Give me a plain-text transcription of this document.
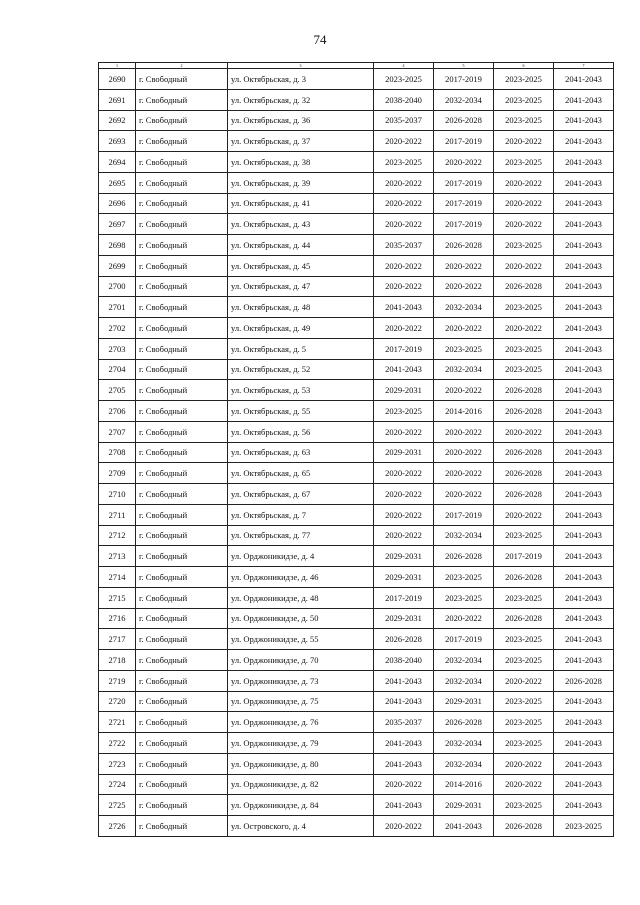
74
1	2	3	4	5	6	7
2690	г. Свободный	ул. Октябрьская, д. 3	2023-2025	2017-2019	2023-2025	2041-2043
2691	г. Свободный	ул. Октябрьская, д. 32	2038-2040	2032-2034	2023-2025	2041-2043
2692	г. Свободный	ул. Октябрьская, д. 36	2035-2037	2026-2028	2023-2025	2041-2043
2693	г. Свободный	ул. Октябрьская, д. 37	2020-2022	2017-2019	2020-2022	2041-2043
2694	г. Свободный	ул. Октябрьская, д. 38	2023-2025	2020-2022	2023-2025	2041-2043
2695	г. Свободный	ул. Октябрьская, д. 39	2020-2022	2017-2019	2020-2022	2041-2043
2696	г. Свободный	ул. Октябрьская, д. 41	2020-2022	2017-2019	2020-2022	2041-2043
2697	г. Свободный	ул. Октябрьская, д. 43	2020-2022	2017-2019	2020-2022	2041-2043
2698	г. Свободный	ул. Октябрьская, д. 44	2035-2037	2026-2028	2023-2025	2041-2043
2699	г. Свободный	ул. Октябрьская, д. 45	2020-2022	2020-2022	2020-2022	2041-2043
2700	г. Свободный	ул. Октябрьская, д. 47	2020-2022	2020-2022	2026-2028	2041-2043
2701	г. Свободный	ул. Октябрьская, д. 48	2041-2043	2032-2034	2023-2025	2041-2043
2702	г. Свободный	ул. Октябрьская, д. 49	2020-2022	2020-2022	2020-2022	2041-2043
2703	г. Свободный	ул. Октябрьская, д. 5	2017-2019	2023-2025	2023-2025	2041-2043
2704	г. Свободный	ул. Октябрьская, д. 52	2041-2043	2032-2034	2023-2025	2041-2043
2705	г. Свободный	ул. Октябрьская, д. 53	2029-2031	2020-2022	2026-2028	2041-2043
2706	г. Свободный	ул. Октябрьская, д. 55	2023-2025	2014-2016	2026-2028	2041-2043
2707	г. Свободный	ул. Октябрьская, д. 56	2020-2022	2020-2022	2020-2022	2041-2043
2708	г. Свободный	ул. Октябрьская, д. 63	2029-2031	2020-2022	2026-2028	2041-2043
2709	г. Свободный	ул. Октябрьская, д. 65	2020-2022	2020-2022	2026-2028	2041-2043
2710	г. Свободный	ул. Октябрьская, д. 67	2020-2022	2020-2022	2026-2028	2041-2043
2711	г. Свободный	ул. Октябрьская, д. 7	2020-2022	2017-2019	2020-2022	2041-2043
2712	г. Свободный	ул. Октябрьская, д. 77	2020-2022	2032-2034	2023-2025	2041-2043
2713	г. Свободный	ул. Орджоникидзе, д. 4	2029-2031	2026-2028	2017-2019	2041-2043
2714	г. Свободный	ул. Орджоникидзе, д. 46	2029-2031	2023-2025	2026-2028	2041-2043
2715	г. Свободный	ул. Орджоникидзе, д. 48	2017-2019	2023-2025	2023-2025	2041-2043
2716	г. Свободный	ул. Орджоникидзе, д. 50	2029-2031	2020-2022	2026-2028	2041-2043
2717	г. Свободный	ул. Орджоникидзе, д. 55	2026-2028	2017-2019	2023-2025	2041-2043
2718	г. Свободный	ул. Орджоникидзе, д. 70	2038-2040	2032-2034	2023-2025	2041-2043
2719	г. Свободный	ул. Орджоникидзе, д. 73	2041-2043	2032-2034	2020-2022	2026-2028
2720	г. Свободный	ул. Орджоникидзе, д. 75	2041-2043	2029-2031	2023-2025	2041-2043
2721	г. Свободный	ул. Орджоникидзе, д. 76	2035-2037	2026-2028	2023-2025	2041-2043
2722	г. Свободный	ул. Орджоникидзе, д. 79	2041-2043	2032-2034	2023-2025	2041-2043
2723	г. Свободный	ул. Орджоникидзе, д. 80	2041-2043	2032-2034	2020-2022	2041-2043
2724	г. Свободный	ул. Орджоникидзе, д. 82	2020-2022	2014-2016	2020-2022	2041-2043
2725	г. Свободный	ул. Орджоникидзе, д. 84	2041-2043	2029-2031	2023-2025	2041-2043
2726	г. Свободный	ул. Островского, д. 4	2020-2022	2041-2043	2026-2028	2023-2025
